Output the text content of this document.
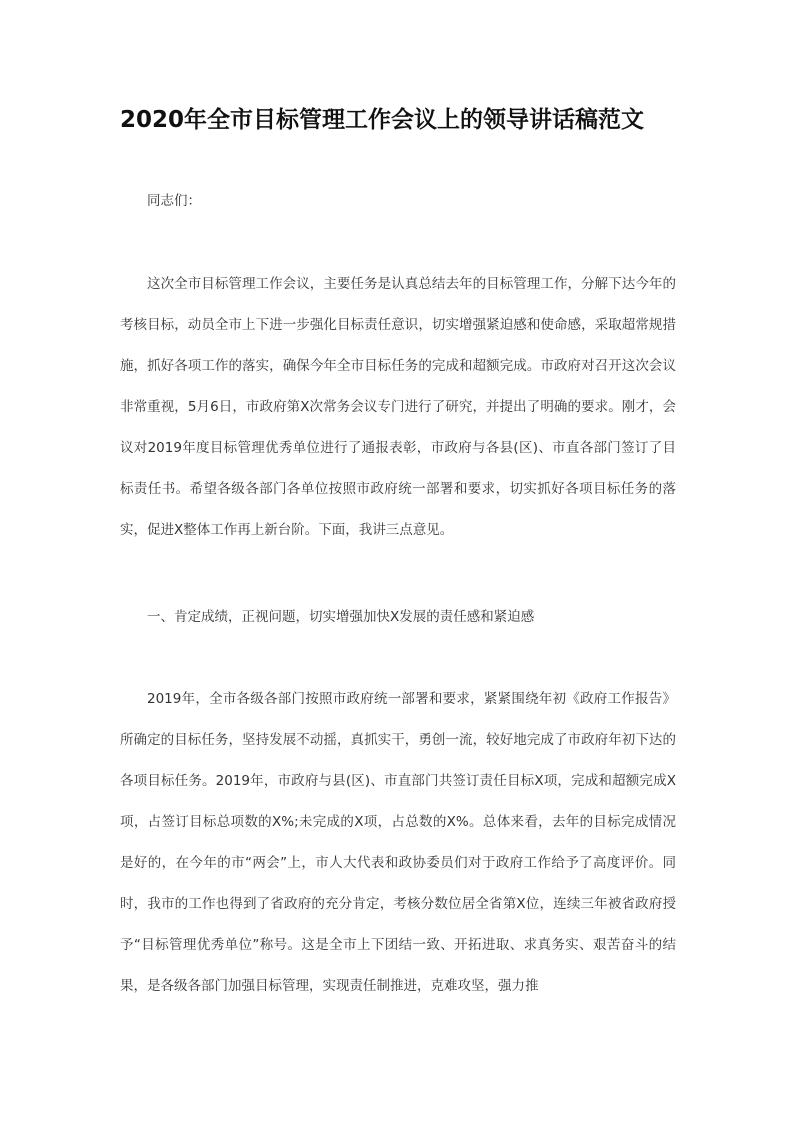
2020年全市目标管理工作会议上的领导讲话稿范文

同志们：

这次全市目标管理工作会议，主要任务是认真总结去年的目标管理工作，分解下达今年的考核目标，动员全市上下进一步强化目标责任意识，切实增强紧迫感和使命感，采取超常规措施，抓好各项工作的落实，确保今年全市目标任务的完成和超额完成。市政府对召开这次会议非常重视，5月6日，市政府第X次常务会议专门进行了研究，并提出了明确的要求。刚才，会议对2019年度目标管理优秀单位进行了通报表彰，市政府与各县(区)、市直各部门签订了目标责任书。希望各级各部门各单位按照市政府统一部署和要求，切实抓好各项目标任务的落实，促进X整体工作再上新台阶。下面，我讲三点意见。

一、肯定成绩，正视问题，切实增强加快X发展的责任感和紧迫感

2019年，全市各级各部门按照市政府统一部署和要求，紧紧围绕年初《政府工作报告》所确定的目标任务，坚持发展不动摇，真抓实干，勇创一流，较好地完成了市政府年初下达的各项目标任务。2019年，市政府与县(区)、市直部门共签订责任目标X项，完成和超额完成X项，占签订目标总项数的X%;未完成的X项，占总数的X%。总体来看，去年的目标完成情况是好的，在今年的市“两会”上，市人大代表和政协委员们对于政府工作给予了高度评价。同时，我市的工作也得到了省政府的充分肯定，考核分数位居全省第X位，连续三年被省政府授予“目标管理优秀单位”称号。这是全市上下团结一致、开拓进取、求真务实、艰苦奋斗的结果，是各级各部门加强目标管理，实现责任制推进，克难攻坚，强力推
